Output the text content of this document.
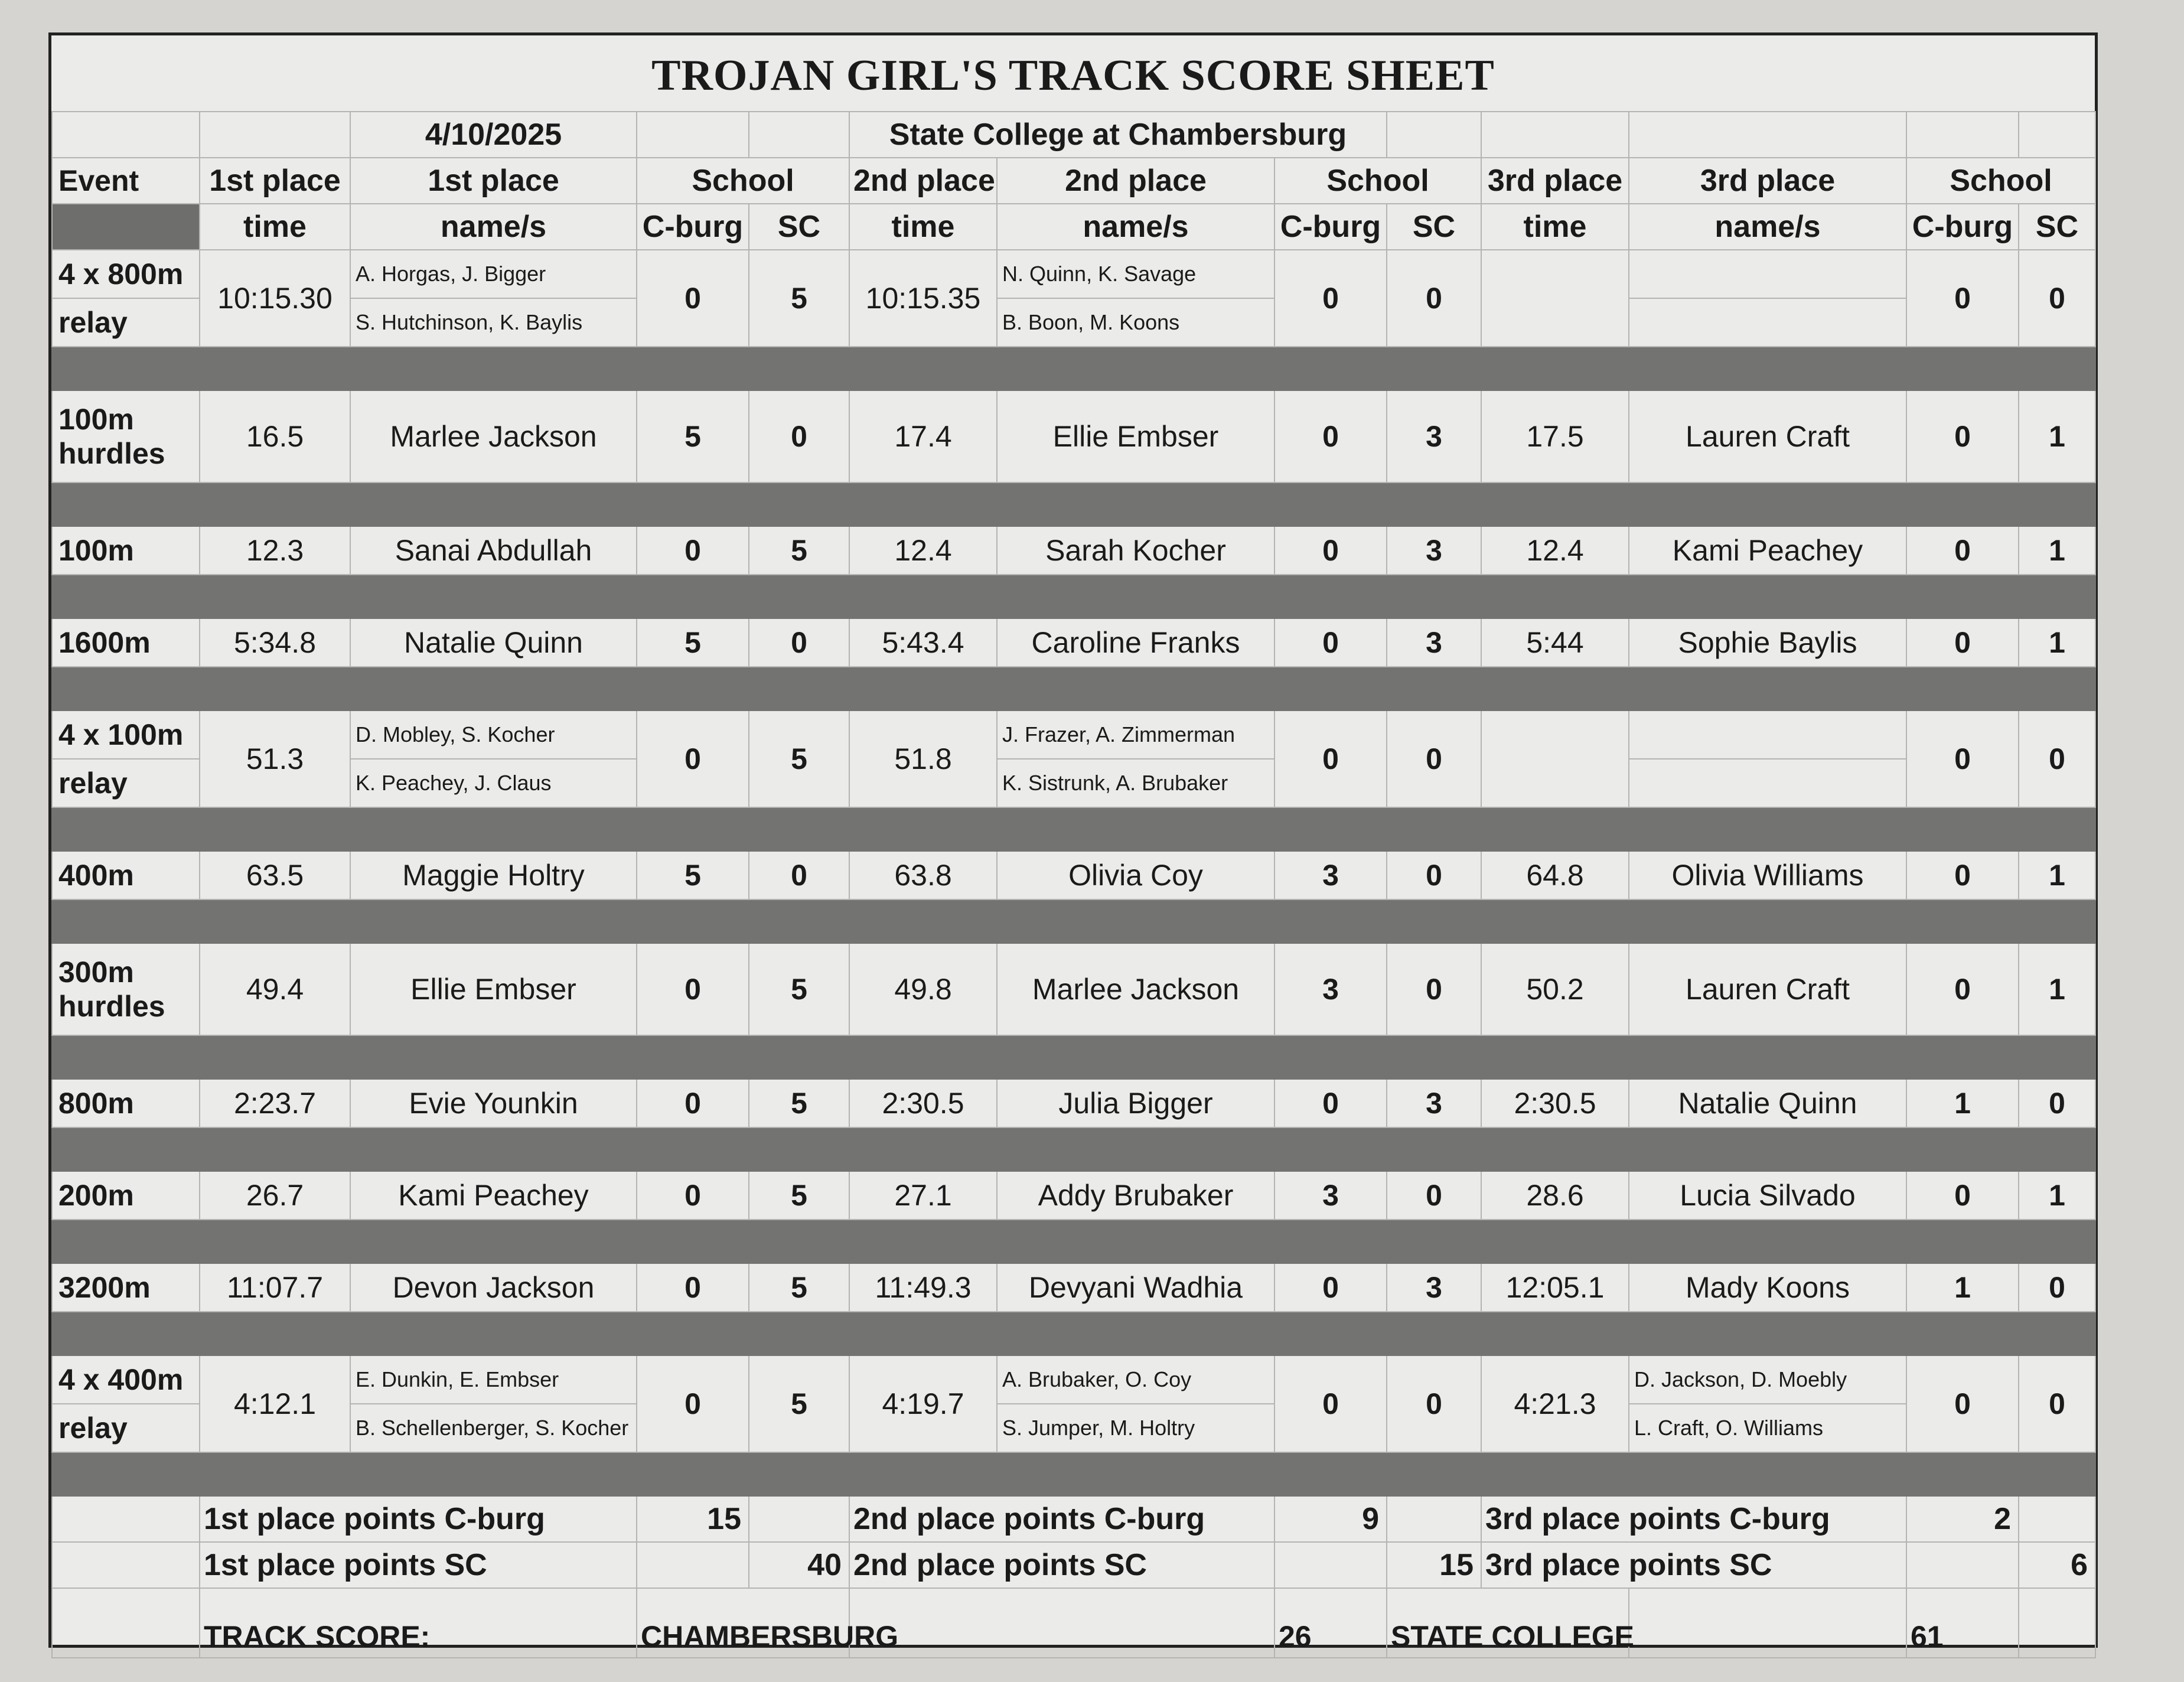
TROJAN GIRL'S TRACK SCORE SHEET
		4/10/2025			State College at Chambersburg							
Event	1st place	1st place	School		2nd place	2nd place	School		3rd place	3rd place	School	
	time	name/s	C-burg	SC	time	name/s	C-burg	SC	time	name/s	C-burg	SC
4 x 800m	10:15.30	A. Horgas, J. Bigger	0	5	10:15.35	N. Quinn, K. Savage	0	0			0	0
relay		S. Hutchinson, K. Baylis				B. Boon, M. Koons						

100m
hurdles	16.5	Marlee Jackson	5	0	17.4	Ellie Embser	0	3	17.5	Lauren Craft	0	1

100m	12.3	Sanai Abdullah	0	5	12.4	Sarah Kocher	0	3	12.4	Kami Peachey	0	1

1600m	5:34.8	Natalie Quinn	5	0	5:43.4	Caroline Franks	0	3	5:44	Sophie Baylis	0	1

4 x 100m	51.3	D. Mobley, S. Kocher	0	5	51.8	J. Frazer, A. Zimmerman	0	0			0	0
relay		K. Peachey, J. Claus				K. Sistrunk, A. Brubaker						

400m	63.5	Maggie Holtry	5	0	63.8	Olivia Coy	3	0	64.8	Olivia Williams	0	1

300m
hurdles	49.4	Ellie Embser	0	5	49.8	Marlee Jackson	3	0	50.2	Lauren Craft	0	1

800m	2:23.7	Evie Younkin	0	5	2:30.5	Julia Bigger	0	3	2:30.5	Natalie Quinn	1	0

200m	26.7	Kami Peachey	0	5	27.1	Addy Brubaker	3	0	28.6	Lucia Silvado	0	1

3200m	11:07.7	Devon Jackson	0	5	11:49.3	Devyani Wadhia	0	3	12:05.1	Mady Koons	1	0

4 x 400m	4:12.1	E. Dunkin, E. Embser	0	5	4:19.7	A. Brubaker, O. Coy	0	0	4:21.3	D. Jackson, D. Moebly	0	0
relay		B. Schellenberger, S. Kocher				S. Jumper, M. Holtry				L. Craft, O. Williams		

	1st place points C-burg		15		2nd place points C-burg		9		3rd place points C-burg		2	
	1st place points SC			40	2nd place points SC			15	3rd place points SC			6
	TRACK SCORE:		CHAMBERSBURG				26	STATE COLLEGE			61	
